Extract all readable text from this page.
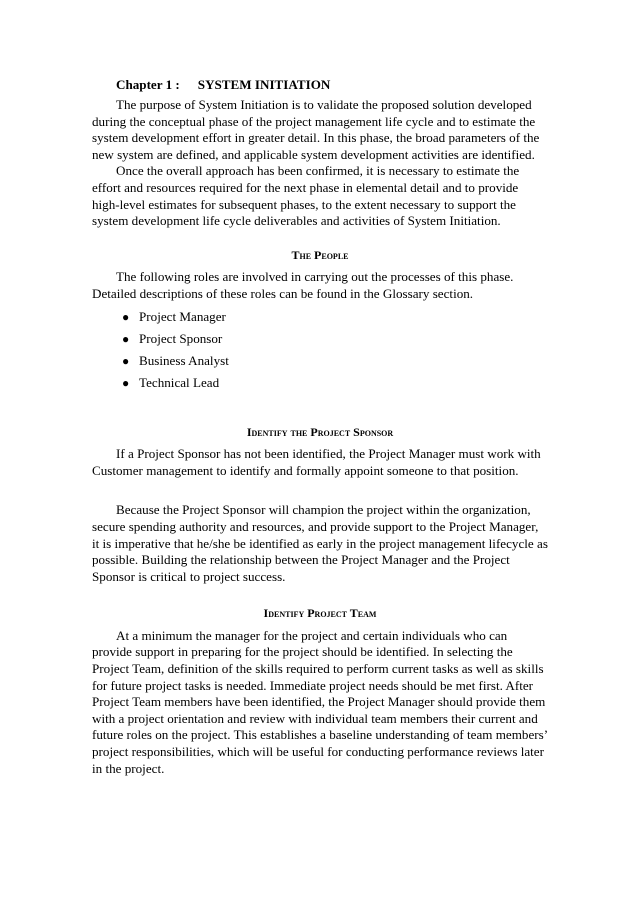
Chapter 1 : SYSTEM INITIATION

The purpose of System Initiation is to validate the proposed solution developed during the conceptual phase of the project management life cycle and to estimate the system development effort in greater detail. In this phase, the broad parameters of the new system are defined, and applicable system development activities are identified.

Once the overall approach has been confirmed, it is necessary to estimate the effort and resources required for the next phase in elemental detail and to provide high-level estimates for subsequent phases, to the extent necessary to support the system development life cycle deliverables and activities of System Initiation.

The People

The following roles are involved in carrying out the processes of this phase. Detailed descriptions of these roles can be found in the Glossary section.

● Project Manager
● Project Sponsor
● Business Analyst
● Technical Lead
Identify the Project Sponsor

If a Project Sponsor has not been identified, the Project Manager must work with Customer management to identify and formally appoint someone to that position.

Because the Project Sponsor will champion the project within the organization, secure spending authority and resources, and provide support to the Project Manager, it is imperative that he/she be identified as early in the project management lifecycle as possible. Building the relationship between the Project Manager and the Project Sponsor is critical to project success.

Identify Project Team

At a minimum the manager for the project and certain individuals who can provide support in preparing for the project should be identified. In selecting the Project Team, definition of the skills required to perform current tasks as well as skills for future project tasks is needed. Immediate project needs should be met first. After Project Team members have been identified, the Project Manager should provide them with a project orientation and review with individual team members their current and future roles on the project. This establishes a baseline understanding of team members’ project responsibilities, which will be useful for conducting performance reviews later in the project.
